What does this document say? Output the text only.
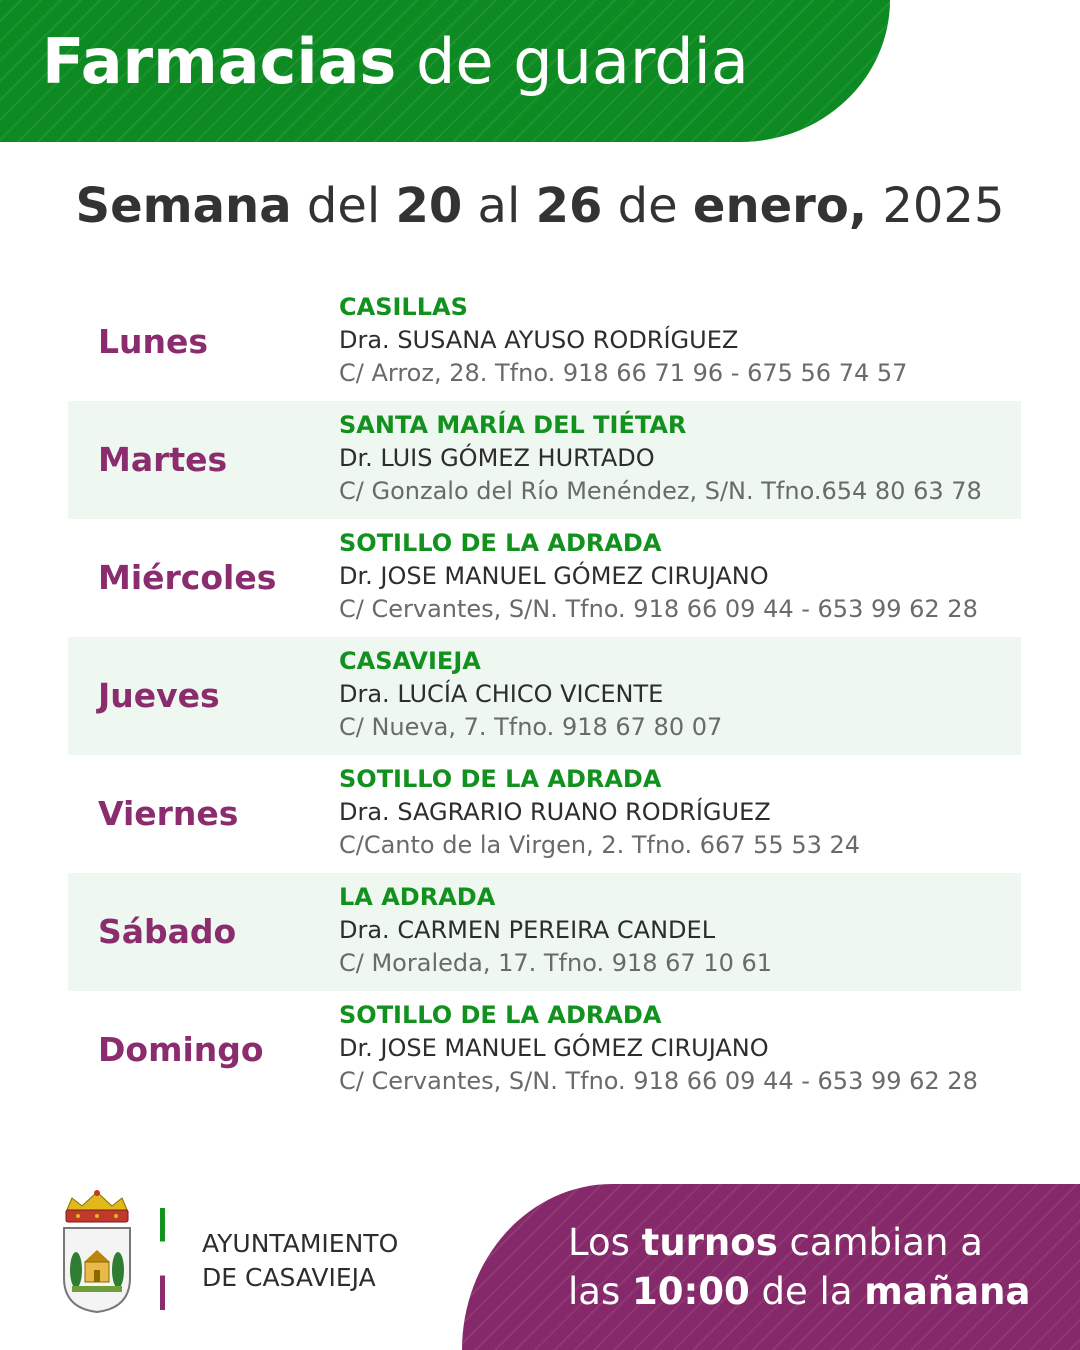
Farmacias de guardia
Semana del 20 al 26 de enero, 2025
Lunes
CASILLAS
Dra. SUSANA AYUSO RODRÍGUEZ
C/ Arroz, 28. Tfno. 918 66 71 96 - 675 56 74 57
Martes
SANTA MARÍA DEL TIÉTAR
Dr. LUIS GÓMEZ HURTADO
C/ Gonzalo del Río Menéndez, S/N. Tfno.654 80 63 78
Miércoles
SOTILLO DE LA ADRADA
Dr. JOSE MANUEL GÓMEZ CIRUJANO
C/ Cervantes, S/N. Tfno. 918 66 09 44 - 653 99 62 28
Jueves
CASAVIEJA
Dra. LUCÍA CHICO VICENTE
C/ Nueva, 7. Tfno. 918 67 80 07
Viernes
SOTILLO DE LA ADRADA
Dra. SAGRARIO RUANO RODRÍGUEZ
C/Canto de la Virgen, 2. Tfno. 667 55 53 24
Sábado
LA ADRADA
Dra. CARMEN PEREIRA CANDEL
C/ Moraleda, 17. Tfno. 918 67 10 61
Domingo
SOTILLO DE LA ADRADA
Dr. JOSE MANUEL GÓMEZ CIRUJANO
C/ Cervantes, S/N. Tfno. 918 66 09 44 - 653 99 62 28
AYUNTAMIENTO
DE CASAVIEJA
Los turnos cambian a
las 10:00 de la mañana
